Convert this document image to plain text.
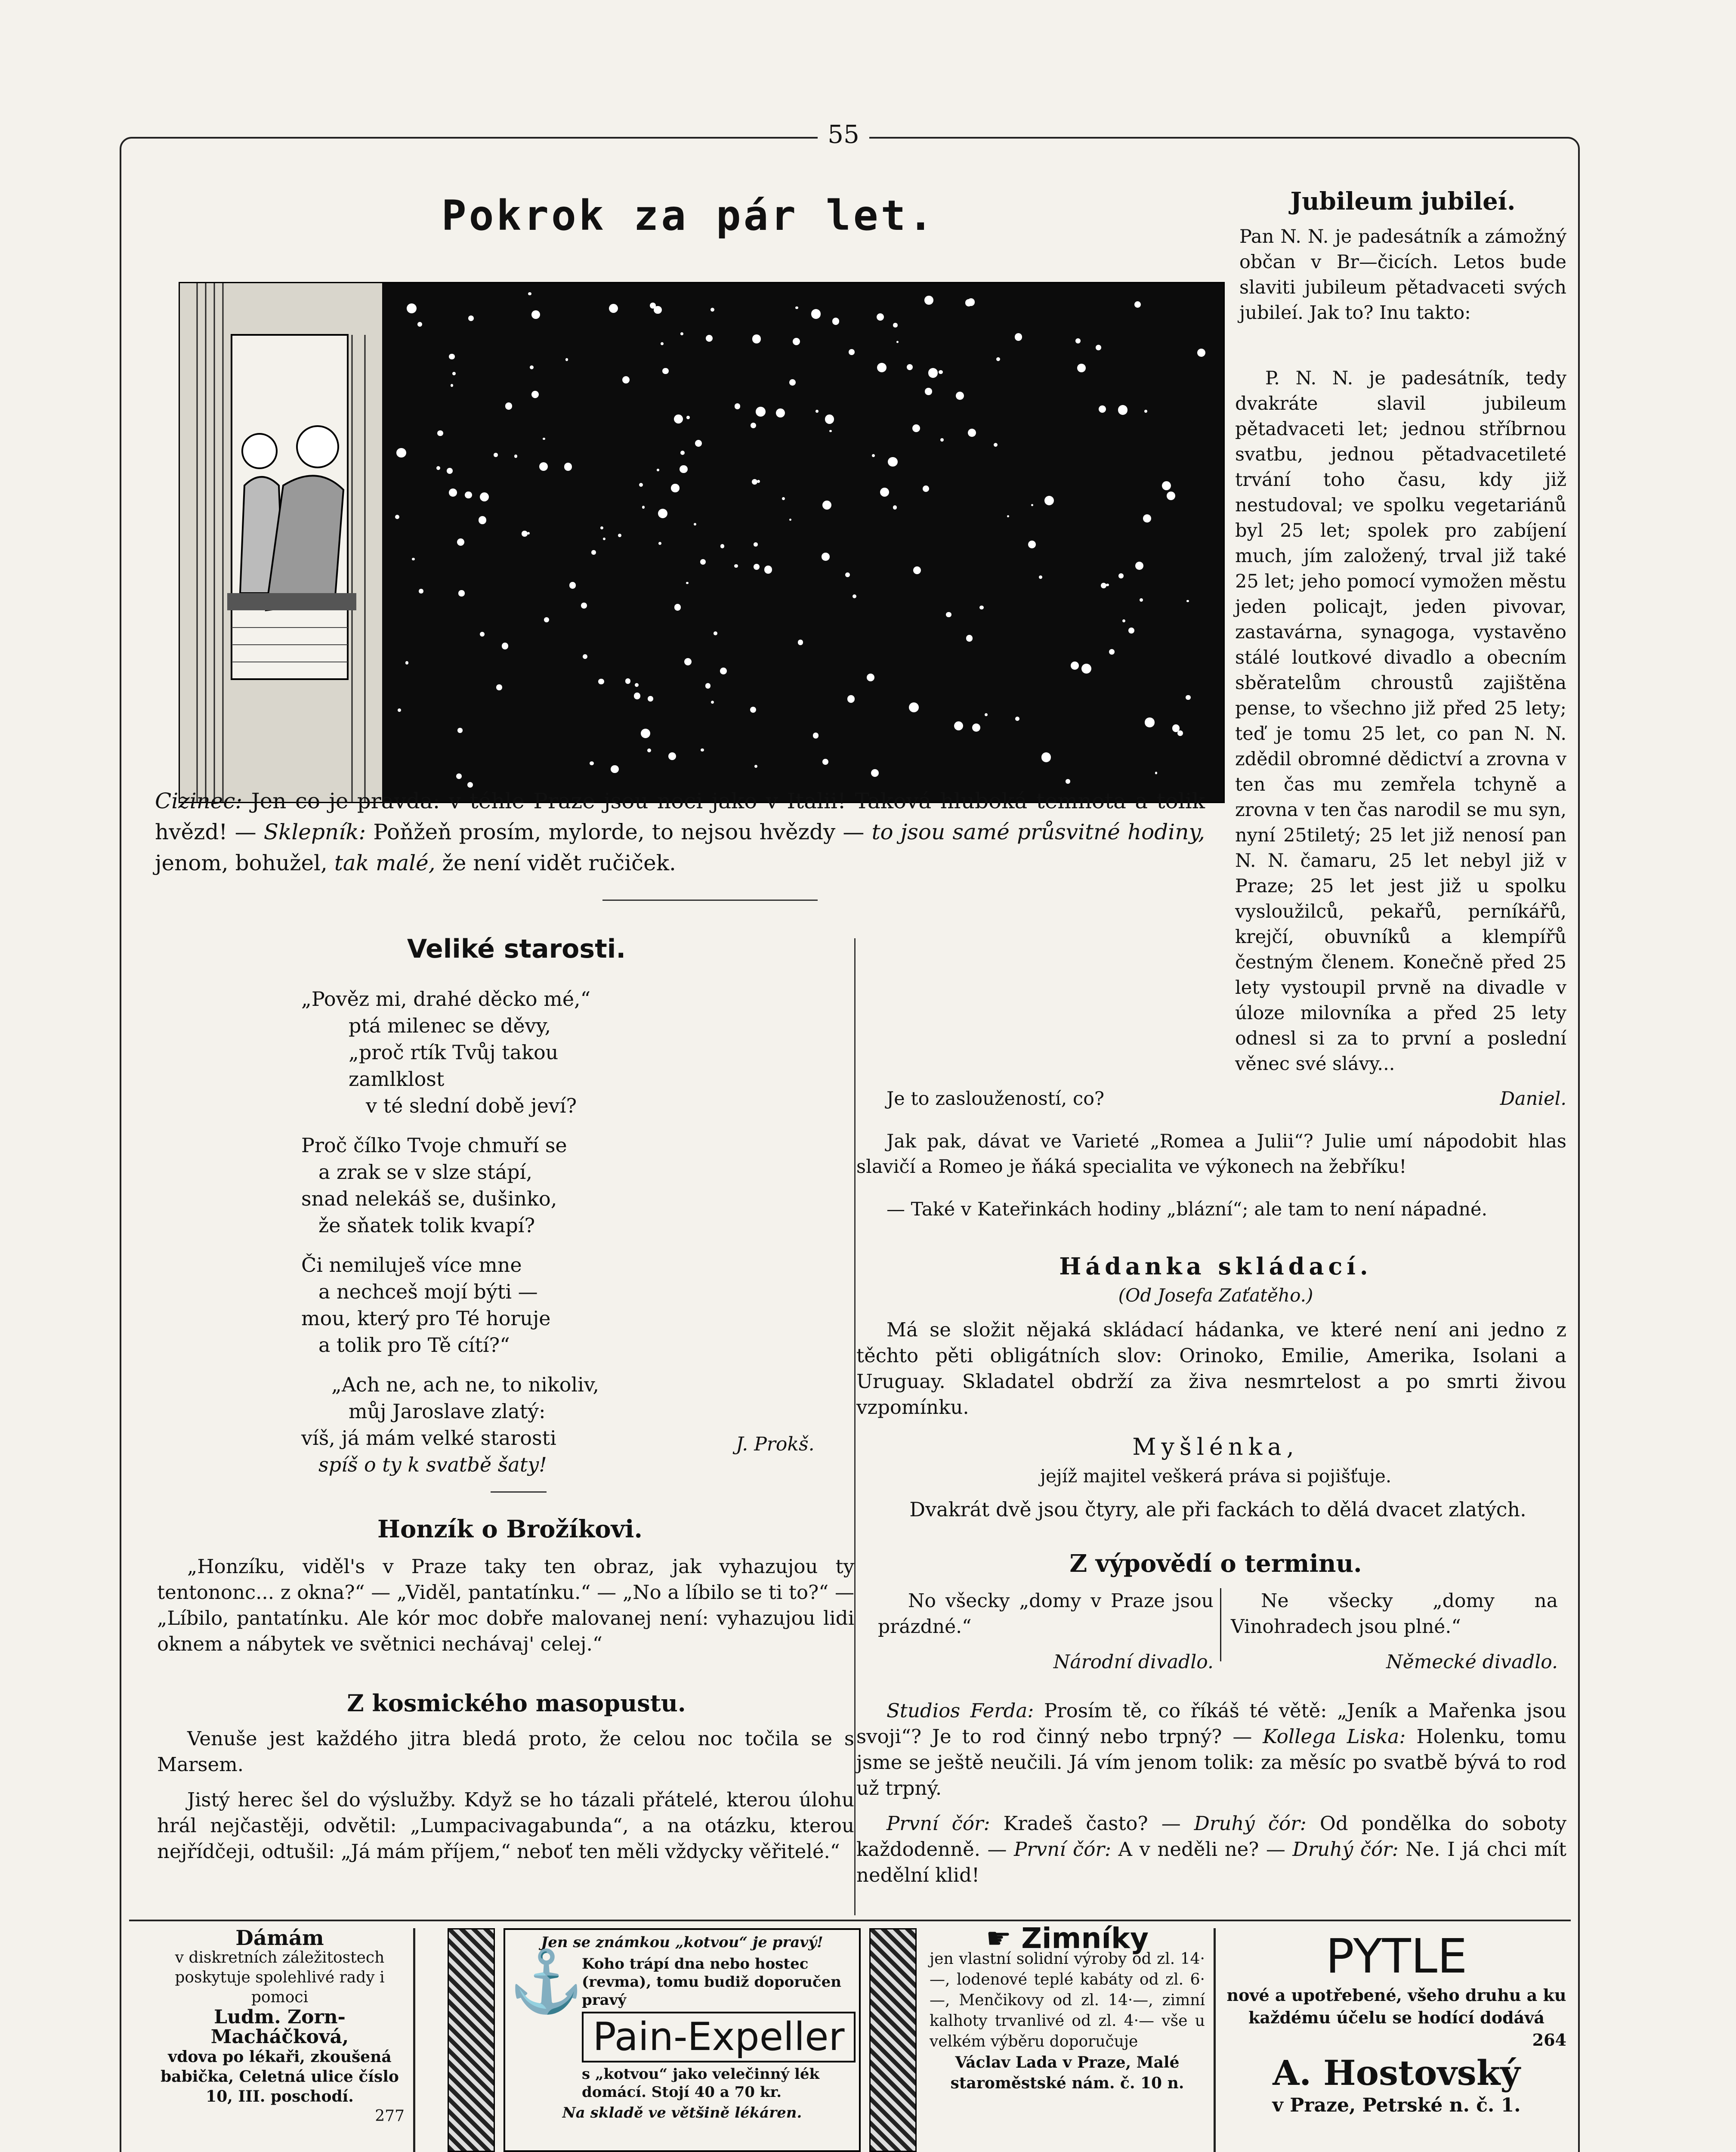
55
Pokrok za pár let.
Cizinec: Jen co je pravda: v téhle Praze jsou noci jako v Italii! Taková hluboká temnota a tolik hvězd! — Sklepník: Poňžeň prosím, mylorde, to nejsou hvězdy — to jsou samé průsvitné hodiny, jenom, bohužel, tak malé, že není vidět ručiček.
Veliké starosti.

„Pověz mi, drahé děcko mé,“

ptá milenec se děvy,

„proč rtík Tvůj takou zamlklost

v té slední době jeví?

Proč čílko Tvoje chmuří se

a zrak se v slze stápí,

snad nelekáš se, dušinko,

že sňatek tolik kvapí?

Či nemiluješ více mne

a nechceš mojí býti —

mou, který pro Té horuje

a tolik pro Tě cítí?“

„Ach ne, ach ne, to nikoliv,

můj Jaroslave zlatý:

víš, já mám velké starosti

spíš o ty k svatbě šaty!

J. Prokš.
Honzík o Brožíkovi.

„Honzíku, viděl's v Praze taky ten obraz, jak vyhazujou ty tentononc... z okna?“ — „Viděl, pantatínku.“ — „No a líbilo se ti to?“ — „Líbilo, pantatínku. Ale kór moc dobře malovanej není: vyhazujou lidi oknem a nábytek ve světnici nechávaj' celej.“

Z kosmického masopustu.

Venuše jest každého jitra bledá proto, že celou noc točila se s Marsem.

Jistý herec šel do výslužby. Když se ho tázali přátelé, kterou úlohu hrál nejčastěji, odvětil: „Lumpacivagabunda“, a na otázku, kterou nejřídčeji, odtušil: „Já mám příjem,“ neboť ten měli vždycky věřitelé.“

Jubileum jubileí.
Pan N. N. je padesátník a zámožný občan v Br—čicích. Letos bude slaviti jubileum pětadvaceti svých jubileí. Jak to? Inu takto:

P. N. N. je padesátník, tedy dvakráte slavil jubileum pětadvaceti let; jednou stříbrnou svatbu, jednou pětadvacetileté trvání toho času, kdy již nestudoval; ve spolku vegetariánů byl 25 let; spolek pro zabíjení much, jím založený, trval již také 25 let; jeho pomocí vymožen městu jeden policajt, jeden pivovar, zastavárna, synagoga, vystavěno stálé loutkové divadlo a obecním sběratelům chroustů zajištěna pense, to všechno již před 25 lety; teď je tomu 25 let, co pan N. N. zdědil obromné dědictví a zrovna v ten čas mu zemřela tchyně a zrovna v ten čas narodil se mu syn, nyní 25tiletý; 25 let již nenosí pan N. N. čamaru, 25 let nebyl již v Praze; 25 let jest již u spolku vysloužilců, pekařů, perníkářů, krejčí, obuvníků a klempířů čestným členem. Konečně před 25 lety vystoupil prvně na divadle v úloze milovníka a před 25 lety odnesl si za to první a poslední věnec své slávy...

Je to zasloužeností, co?	Daniel.

Jak pak, dávat ve Varieté „Romea a Julii“? Julie umí nápodobit hlas slavičí a Romeo je ňáká specialita ve výkonech na žebříku!

— Také v Kateřinkách hodiny „blázní“; ale tam to není nápadné.

Hádanka skládací.
(Od Josefa Zaťatěho.)

Má se složit nějaká skládací hádanka, ve které není ani jedno z těchto pěti obligátních slov: Orinoko, Emilie, Amerika, Isolani a Uruguay. Skladatel obdrží za živa nesmrtelost a po smrti živou vzpomínku.

Myšlénka,
jejíž majitel veškerá práva si pojišťuje.
Dvakrát dvě jsou čtyry, ale při fackách to dělá dvacet zlatých.
Z výpovědí o terminu.

No všecky „domy v Praze jsou prázdné.“

Národní divadlo.

Ne všecky „domy na Vinohradech jsou plné.“

Německé divadlo.

Studios Ferda: Prosím tě, co říkáš té větě: „Jeník a Mařenka jsou svoji“? Je to rod činný nebo trpný? — Kollega Liska: Holenku, tomu jsme se ještě neučili. Já vím jenom tolik: za měsíc po svatbě bývá to rod už trpný.

První čór: Kradeš často? — Druhý čór: Od pondělka do soboty každodenně. — První čór: A v neděli ne? — Druhý čór: Ne. I já chci mít nedělní klid!

Dámám
v diskretních záležitostech poskytuje spolehlivé rady i pomoci
Ludm. Zorn-Macháčková,
vdova po lékaři, zkoušená babička, Celetná ulice číslo 10, III. poschodí.
277
Jen se známkou „kotvou“ je pravý!
⚓
Koho trápí dna nebo hostec (revma), tomu budiž doporučen pravý
Pain-Expeller
s „kotvou“ jako velečinný lék domácí. Stojí 40 a 70 kr.
Na skladě ve většině lékáren.
☛ Zimníky
jen vlastní solidní výroby od zl. 14·—, lodenové teplé kabáty od zl. 6·—, Menčikovy od zl. 14·—, zimní kalhoty trvanlivé od zl. 4·— vše u velkém výběru doporučuje
Václav Lada v Praze, Malé staroměstské nám. č. 10 n.
PYTLE
nové a upotřebené, všeho druhu a ku každému účelu se hodící dodává
264
A. Hostovský
v Praze, Petrské n. č. 1.
